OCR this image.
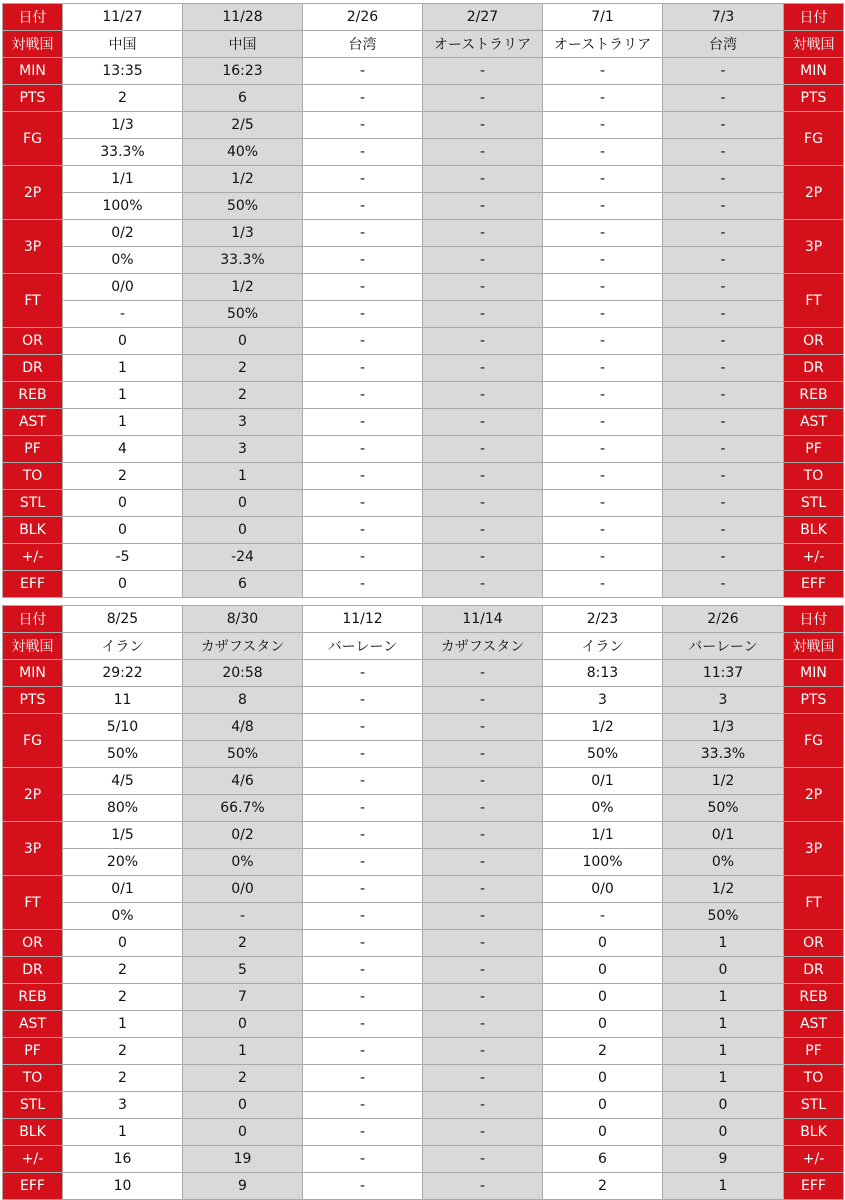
日付	11/27	11/28	2/26	2/27	7/1	7/3	日付
対戦国	中国	中国	台湾	オーストラリア	オーストラリア	台湾	対戦国
MIN	13:35	16:23	-	-	-	-	MIN
PTS	2	6	-	-	-	-	PTS
FG	1/3	2/5	-	-	-	-	FG
	33.3%	40%	-	-	-	-	
2P	1/1	1/2	-	-	-	-	2P
	100%	50%	-	-	-	-	
3P	0/2	1/3	-	-	-	-	3P
	0%	33.3%	-	-	-	-	
FT	0/0	1/2	-	-	-	-	FT
	-	50%	-	-	-	-	
OR	0	0	-	-	-	-	OR
DR	1	2	-	-	-	-	DR
REB	1	2	-	-	-	-	REB
AST	1	3	-	-	-	-	AST
PF	4	3	-	-	-	-	PF
TO	2	1	-	-	-	-	TO
STL	0	0	-	-	-	-	STL
BLK	0	0	-	-	-	-	BLK
+/-	-5	-24	-	-	-	-	+/-
EFF	0	6	-	-	-	-	EFF
日付	8/25	8/30	11/12	11/14	2/23	2/26	日付
対戦国	イラン	カザフスタン	バーレーン	カザフスタン	イラン	バーレーン	対戦国
MIN	29:22	20:58	-	-	8:13	11:37	MIN
PTS	11	8	-	-	3	3	PTS
FG	5/10	4/8	-	-	1/2	1/3	FG
	50%	50%	-	-	50%	33.3%	
2P	4/5	4/6	-	-	0/1	1/2	2P
	80%	66.7%	-	-	0%	50%	
3P	1/5	0/2	-	-	1/1	0/1	3P
	20%	0%	-	-	100%	0%	
FT	0/1	0/0	-	-	0/0	1/2	FT
	0%	-	-	-	-	50%	
OR	0	2	-	-	0	1	OR
DR	2	5	-	-	0	0	DR
REB	2	7	-	-	0	1	REB
AST	1	0	-	-	0	1	AST
PF	2	1	-	-	2	1	PF
TO	2	2	-	-	0	1	TO
STL	3	0	-	-	0	0	STL
BLK	1	0	-	-	0	0	BLK
+/-	16	19	-	-	6	9	+/-
EFF	10	9	-	-	2	1	EFF
